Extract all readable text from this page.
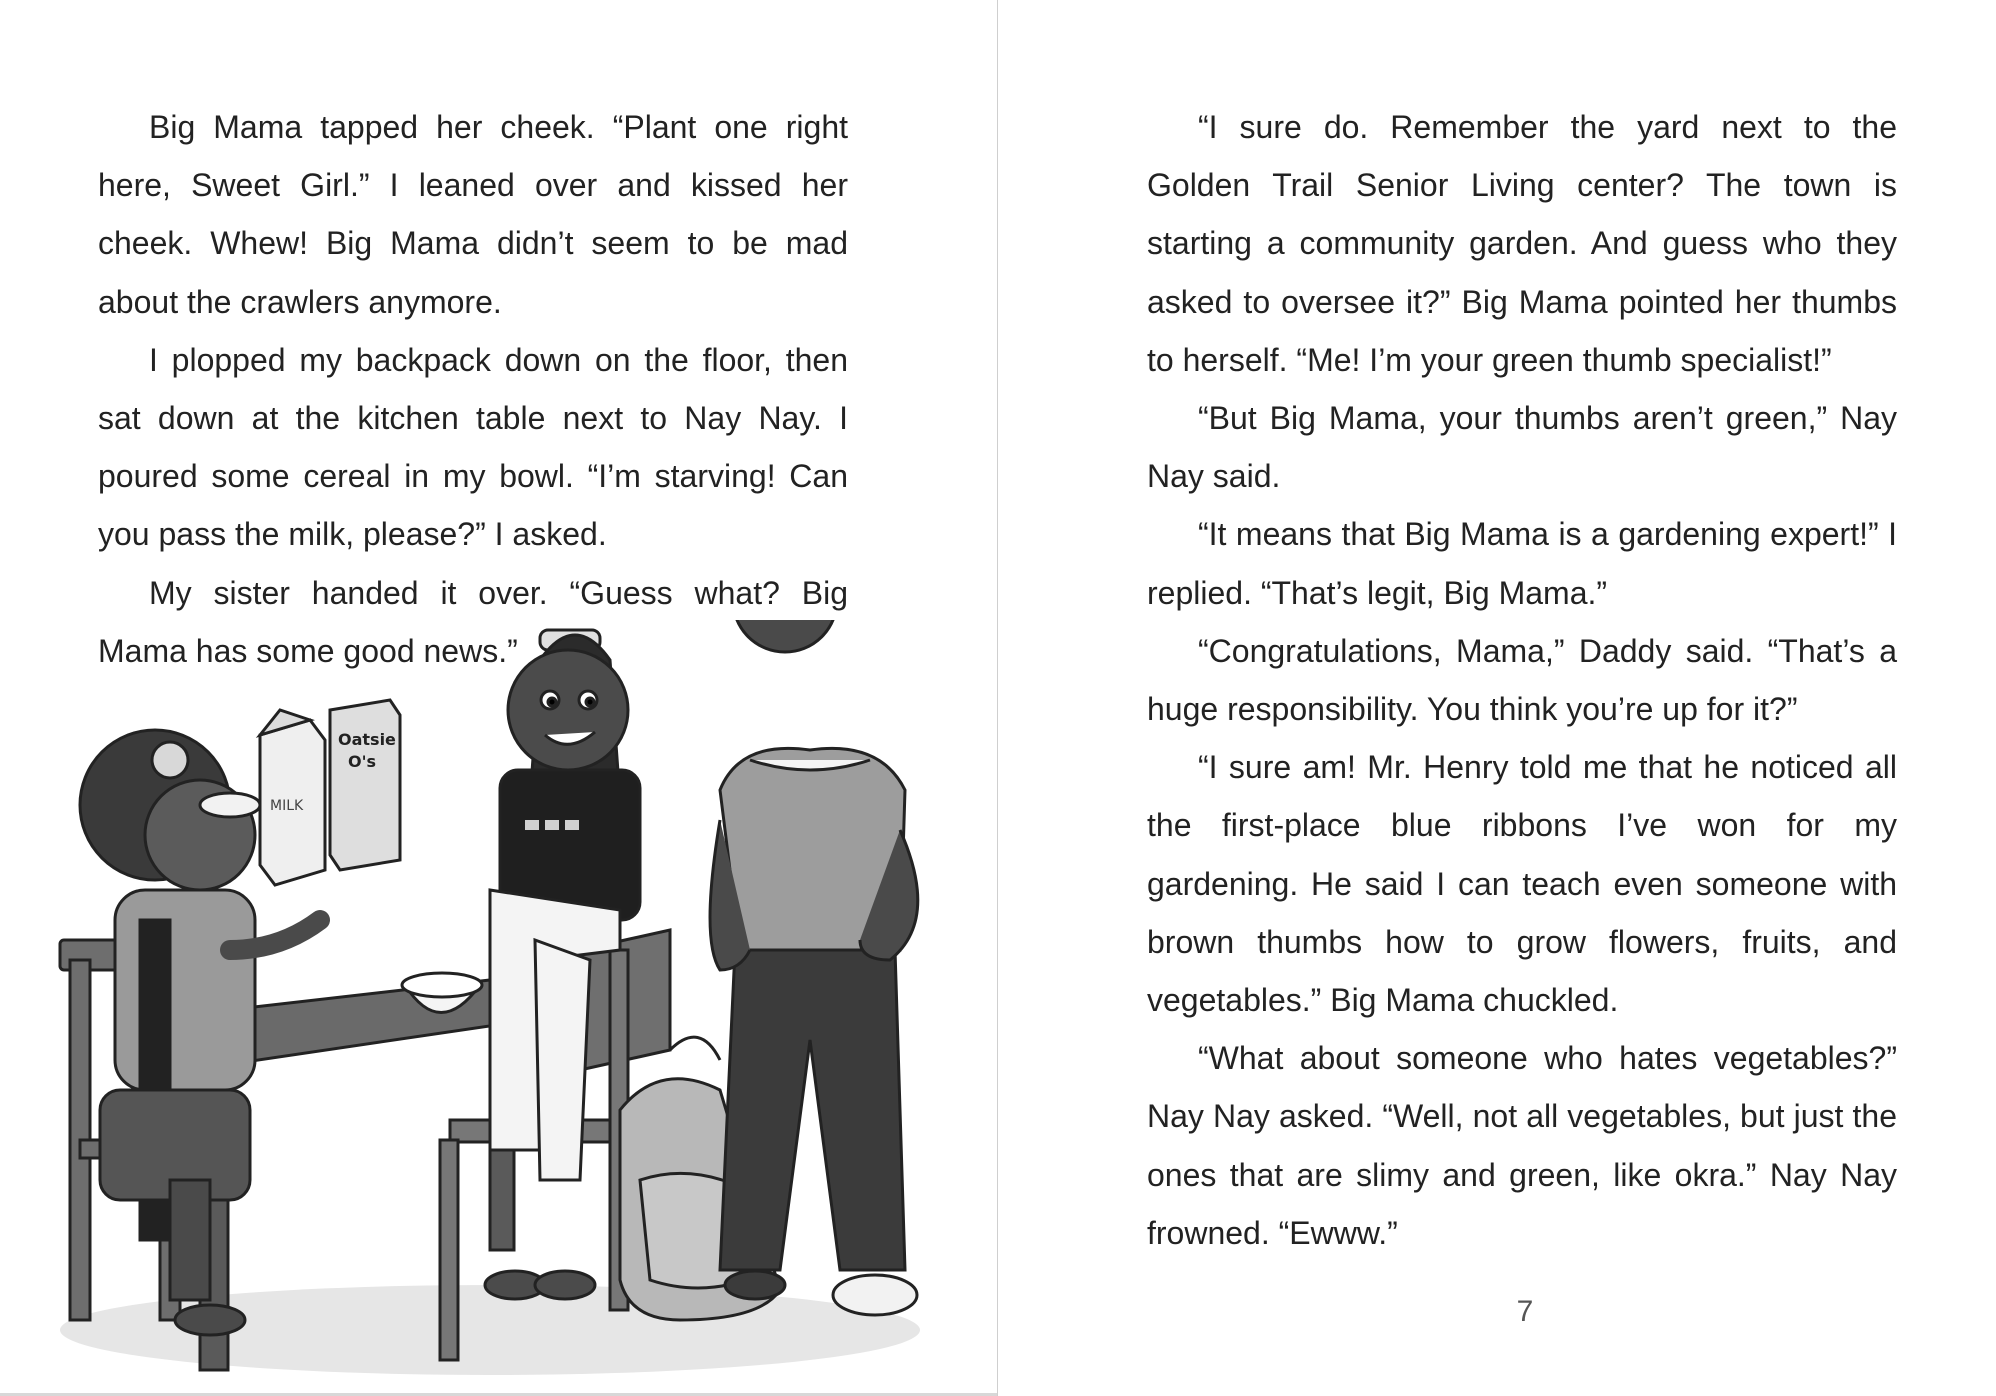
Big Mama tapped her cheek. “Plant one right here, Sweet Girl.” I leaned over and kissed her cheek. Whew! Big Mama didn’t seem to be mad about the crawlers anymore.

I plopped my backpack down on the floor, then sat down at the kitchen table next to Nay Nay. I poured some cereal in my bowl. “I’m starving! Can you pass the milk, please?” I asked.

My sister handed it over. “Guess what? Big Mama has some good news.”

MILK
Oatsie
O's

“I sure do. Remember the yard next to the Golden Trail Senior Living center? The town is starting a community garden. And guess who they asked to oversee it?” Big Mama pointed her thumbs to herself. “Me! I’m your green thumb specialist!”

“But Big Mama, your thumbs aren’t green,” Nay Nay said.

“It means that Big Mama is a gardening expert!” I replied. “That’s legit, Big Mama.”

“Congratulations, Mama,” Daddy said. “That’s a huge responsibility. You think you’re up for it?”

“I sure am! Mr. Henry told me that he noticed all the first-place blue ribbons I’ve won for my gardening. He said I can teach even someone with brown thumbs how to grow flowers, fruits, and vegetables.” Big Mama chuckled.

“What about someone who hates vegetables?” Nay Nay asked. “Well, not all vegetables, but just the ones that are slimy and green, like okra.” Nay Nay frowned. “Ewww.”

7
